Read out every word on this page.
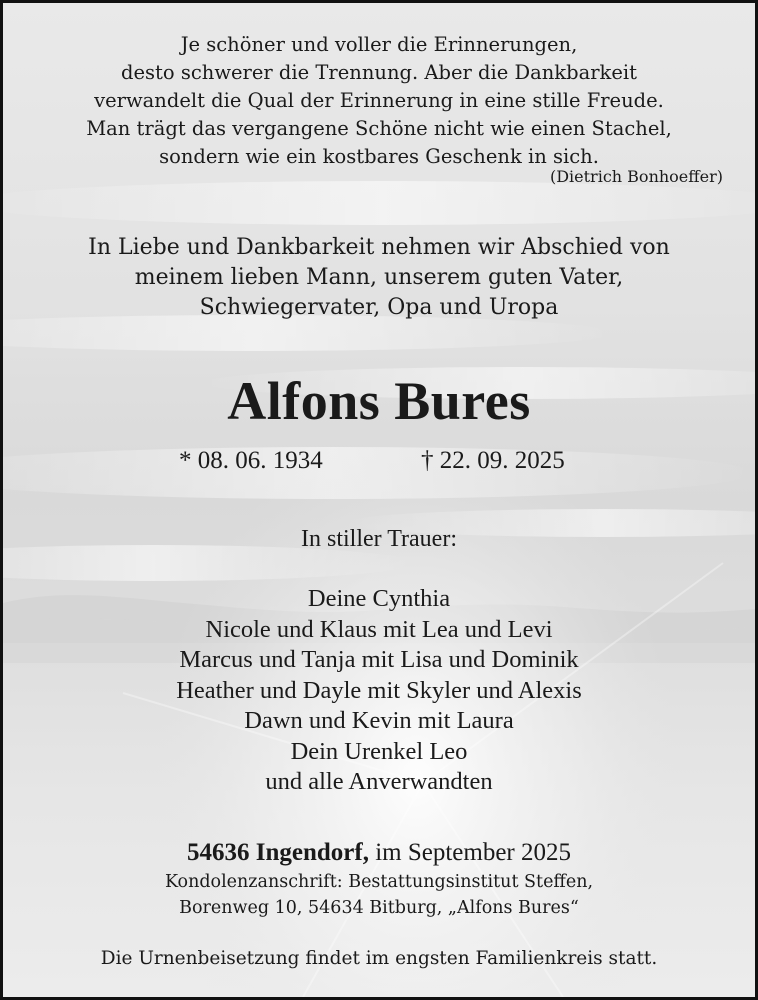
Je schöner und voller die Erinnerungen,
desto schwerer die Trennung. Aber die Dankbarkeit
verwandelt die Qual der Erinnerung in eine stille Freude.
Man trägt das vergangene Schöne nicht wie einen Stachel,
sondern wie ein kostbares Geschenk in sich.
(Dietrich Bonhoeffer)
In Liebe und Dankbarkeit nehmen wir Abschied von
meinem lieben Mann, unserem guten Vater,
Schwiegervater, Opa und Uropa
Alfons Bures
* 08. 06. 1934	† 22. 09. 2025
In stiller Trauer:
Deine Cynthia
Nicole und Klaus mit Lea und Levi
Marcus und Tanja mit Lisa und Dominik
Heather und Dayle mit Skyler und Alexis
Dawn und Kevin mit Laura
Dein Urenkel Leo
und alle Anverwandten
54636 Ingendorf, im September 2025
Kondolenzanschrift: Bestattungsinstitut Steffen,
Borenweg 10, 54634 Bitburg, „Alfons Bures“
Die Urnenbeisetzung findet im engsten Familienkreis statt.
